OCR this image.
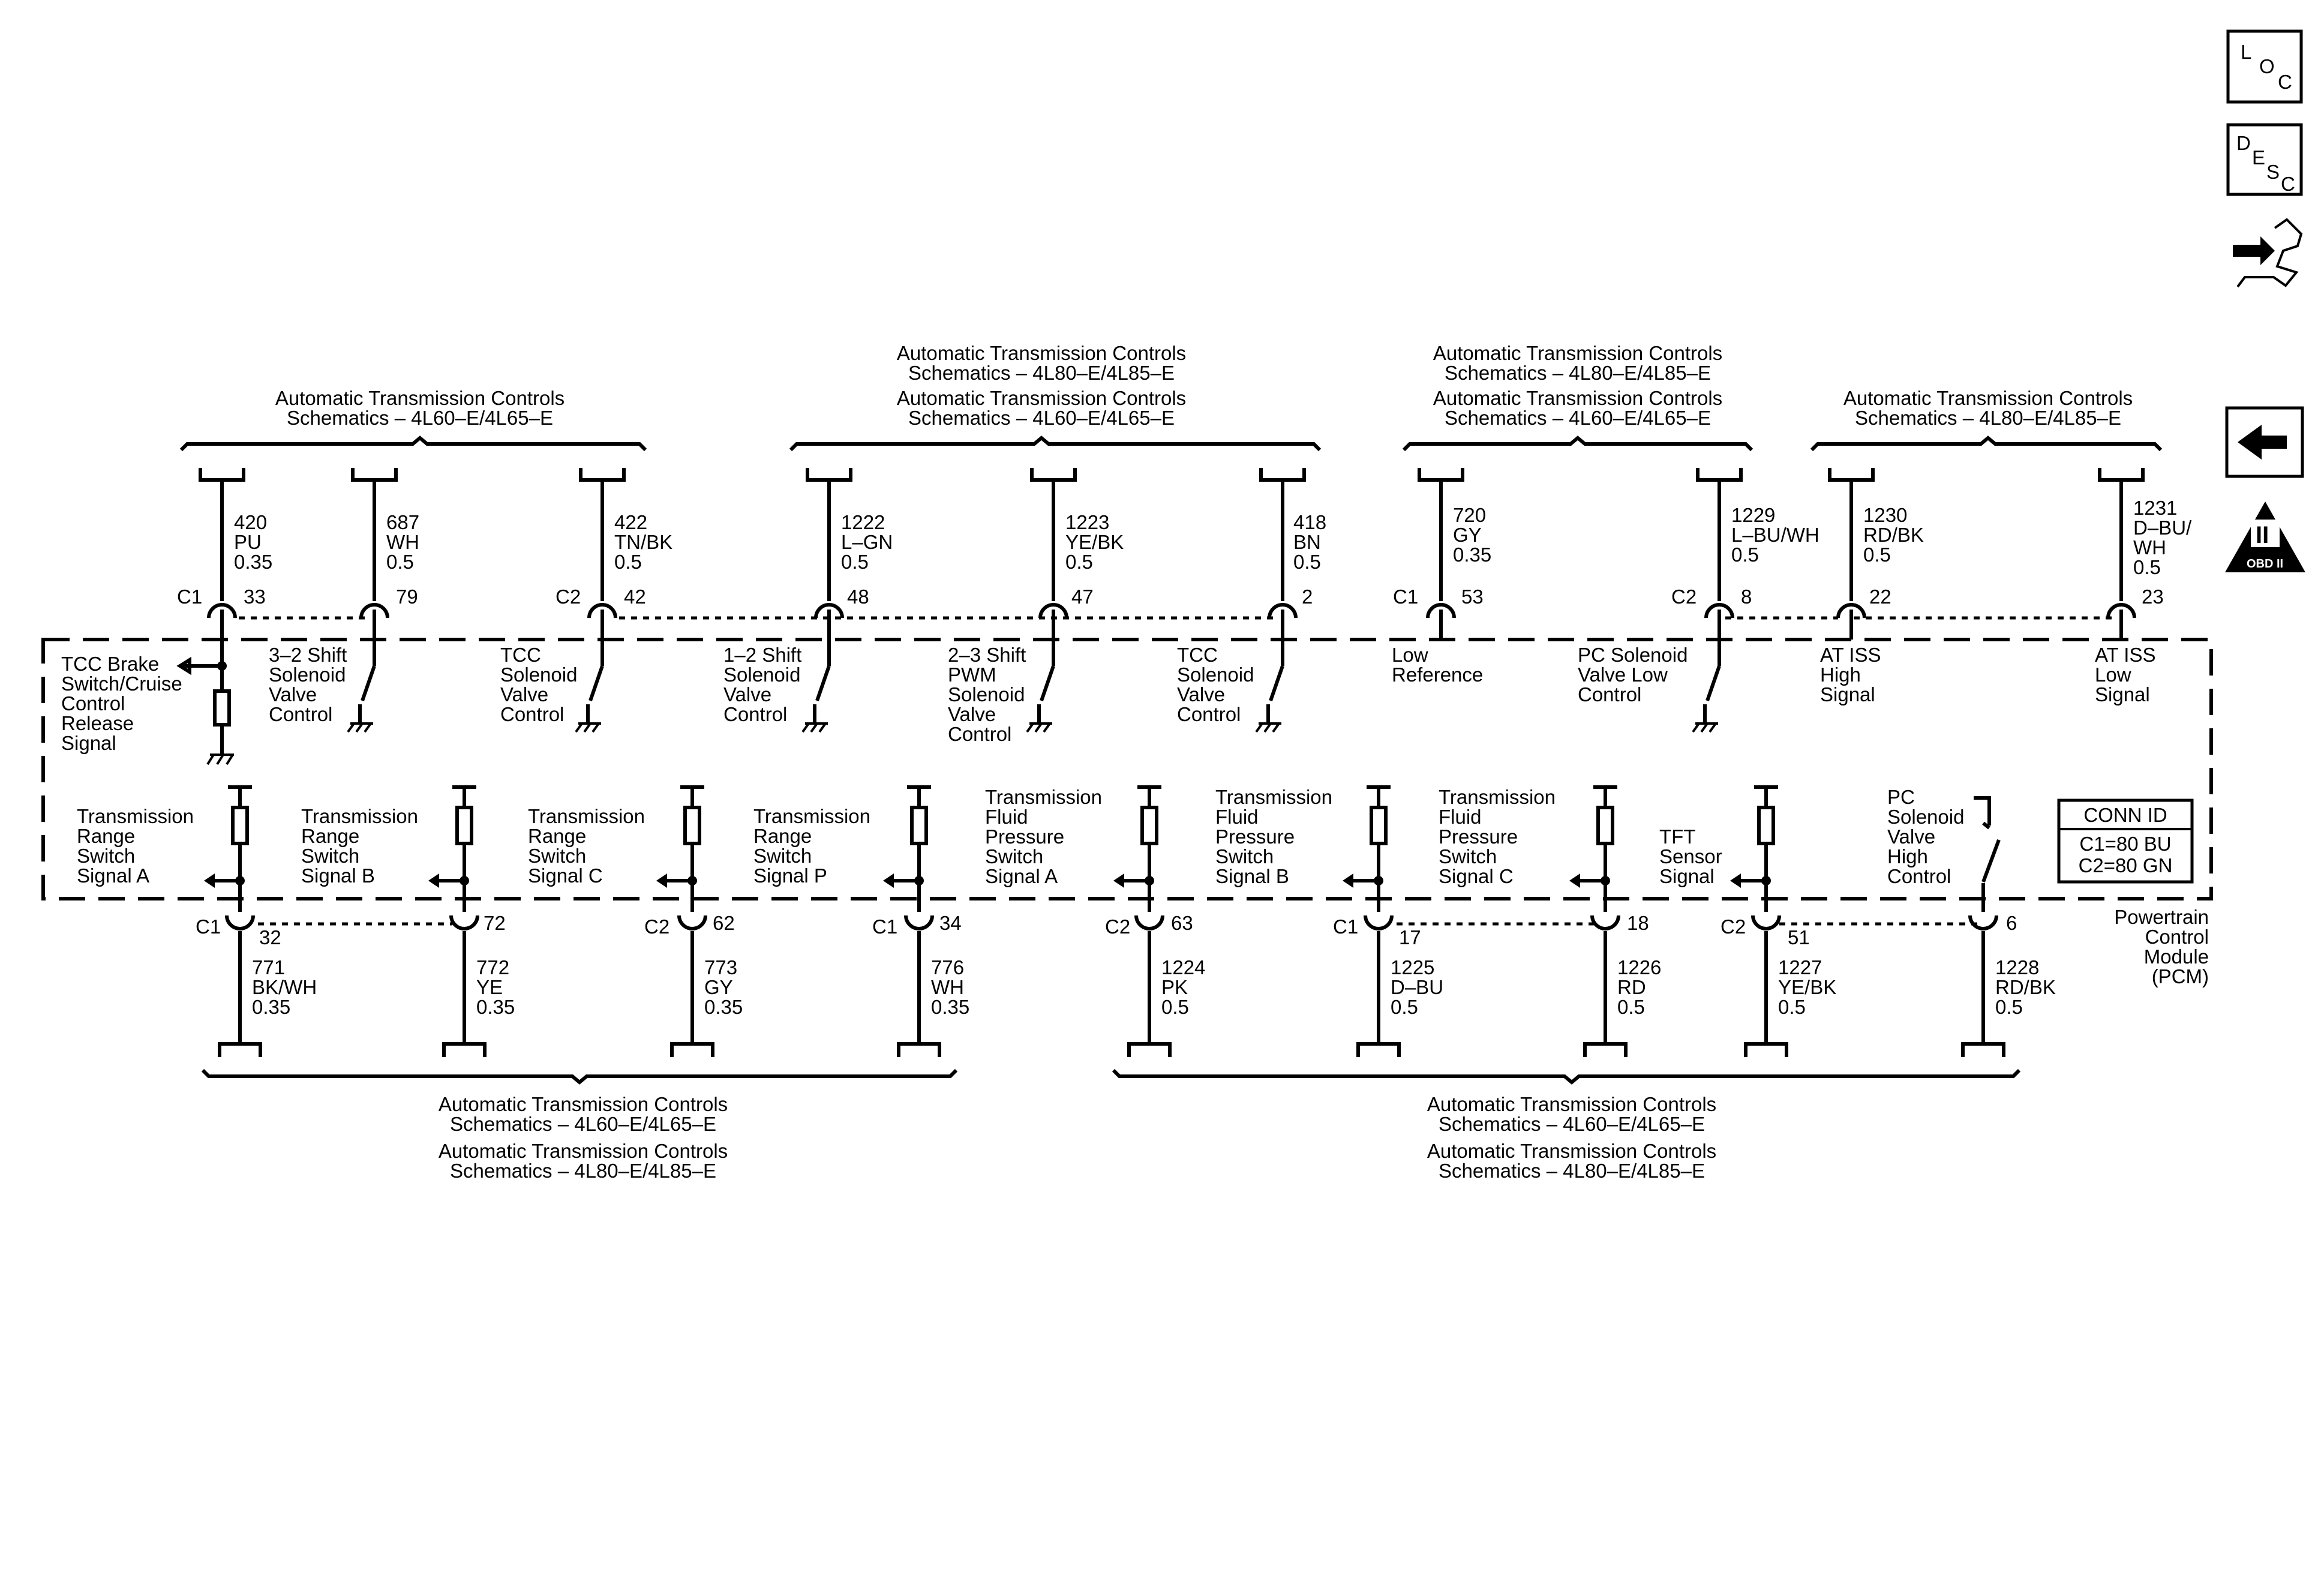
L
O
C
D
E
S
C
II
OBD II
Automatic Transmission Controls
Schematics – 4L60–E/4L65–E
Automatic Transmission Controls
Schematics – 4L80–E/4L85–E
Automatic Transmission Controls
Schematics – 4L60–E/4L65–E
Automatic Transmission Controls
Schematics – 4L80–E/4L85–E
Automatic Transmission Controls
Schematics – 4L60–E/4L65–E
Automatic Transmission Controls
Schematics – 4L80–E/4L85–E
Automatic Transmission Controls
Schematics – 4L60–E/4L65–E
Automatic Transmission Controls
Schematics – 4L80–E/4L85–E
Automatic Transmission Controls
Schematics – 4L60–E/4L65–E
Automatic Transmission Controls
Schematics – 4L80–E/4L85–E
420
PU
0.35
C1 33
TCC Brake
Switch/Cruise
Control
Release
Signal
687
WH
0.5
79
3–2 Shift
Solenoid
Valve
Control
422
TN/BK
0.5
C2 42
TCC
Solenoid
Valve
Control
1222
L–GN
0.5
48
1–2 Shift
Solenoid
Valve
Control
1223
YE/BK
0.5
47
2–3 Shift
PWM
Solenoid
Valve
Control
418
BN
0.5
2
TCC
Solenoid
Valve
Control
720
GY
0.35
C1 53
Low
Reference
1229
L–BU/WH
0.5
C2 8
PC Solenoid
Valve Low
Control
1230
RD/BK
0.5
22
AT ISS
High
Signal
1231
D–BU/
WH
0.5
23
AT ISS
Low
Signal
Transmission
Range
Switch
Signal A
C1 32
771
BK/WH
0.35
Transmission
Range
Switch
Signal B
72
772
YE
0.35
Transmission
Range
Switch
Signal C
C2 62
773
GY
0.35
Transmission
Range
Switch
Signal P
C1 34
776
WH
0.35
Transmission
Fluid
Pressure
Switch
Signal A
C2 63
1224
PK
0.5
Transmission
Fluid
Pressure
Switch
Signal B
C1 17
1225
D–BU
0.5
Transmission
Fluid
Pressure
Switch
Signal C
18
1226
RD
0.5
TFT
Sensor
Signal
C2 51
1227
YE/BK
0.5
PC
Solenoid
Valve
High
Control
6
1228
RD/BK
0.5
CONN ID
C1=80 BU
C2=80 GN
Powertrain
Control
Module
(PCM)
